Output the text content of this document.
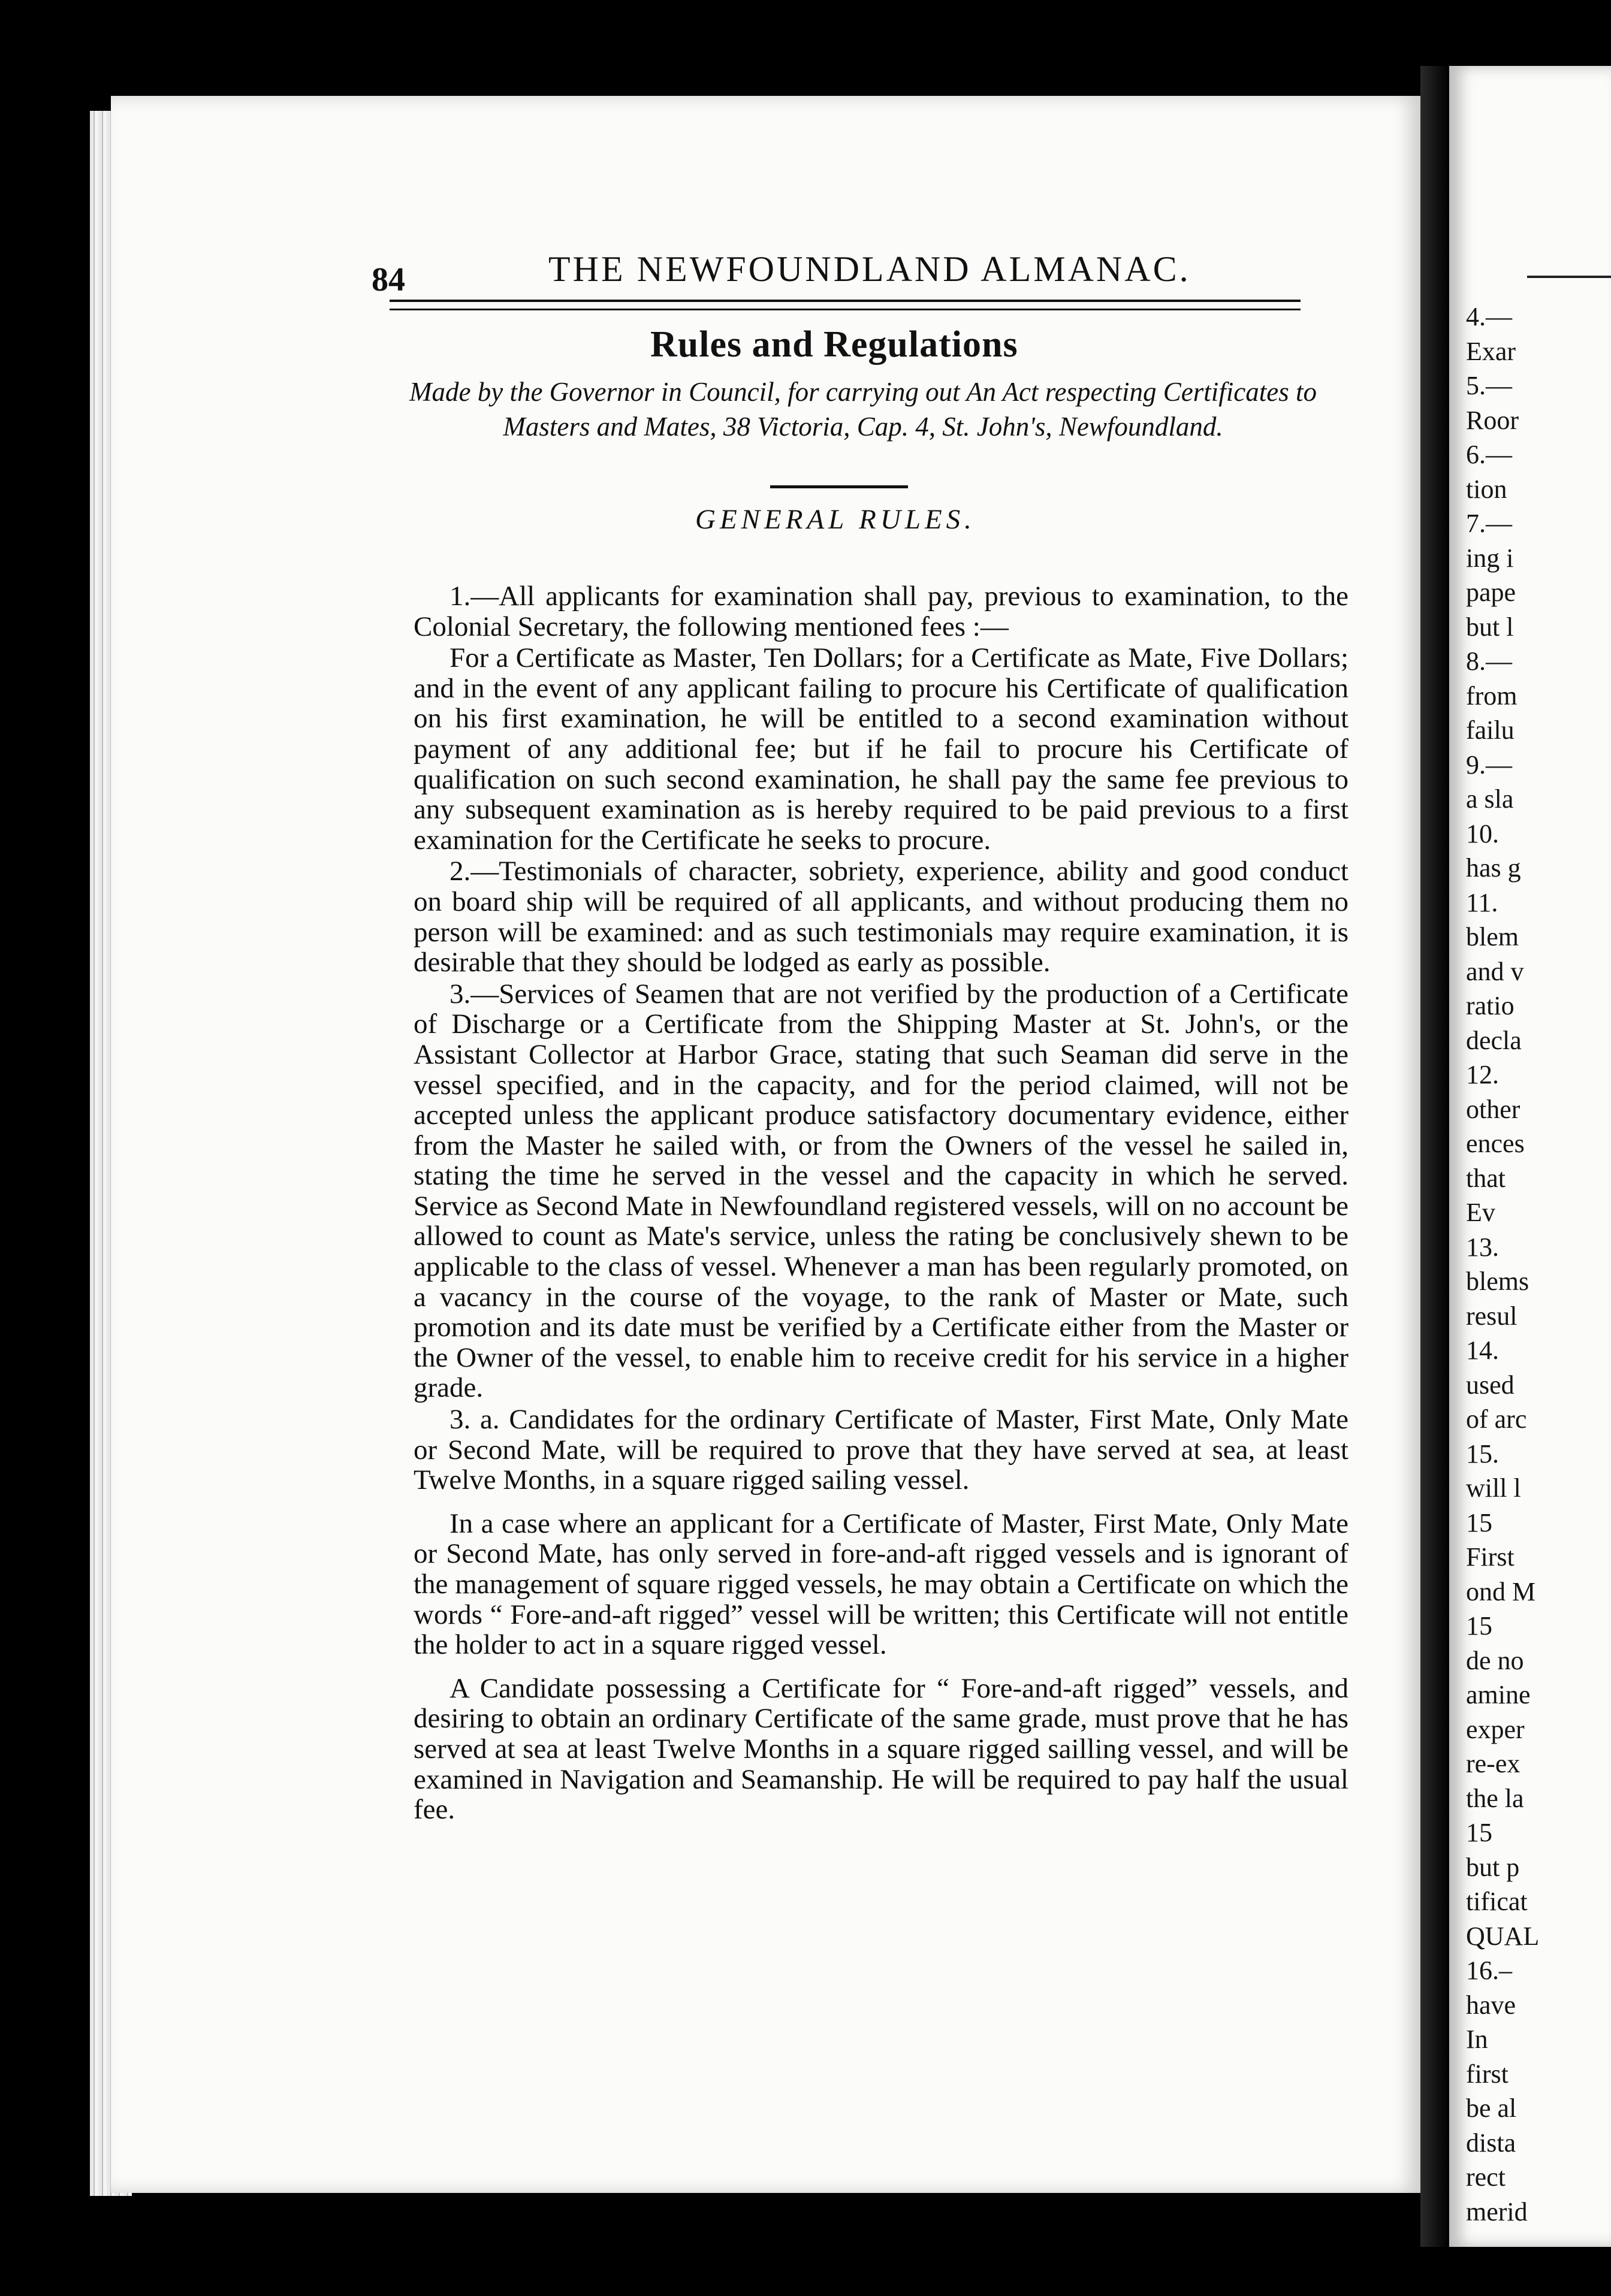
4.—
Exar
5.—
Roor
6.—
tion
7.—
ing i
pape
but l
8.—
from
failu
9.—
a sla
10.
has g
11.
blem
and v
ratio
decla
12.
other
ences
that
Ev
13.
blems
resul
14.
used
of arc
15.
will l
15
First
ond M
15
de no
amine
exper
re-ex
the la
15
but p
tificat
QUAL
16.–
have
In
first
be al
dista
rect
merid
84	THE NEWFOUNDLAND ALMANAC.
Rules and Regulations
Made by the Governor in Council, for carrying out An Act respecting Certificates to Masters and Mates, 38 Victoria, Cap. 4, St. John's, Newfoundland.
GENERAL RULES.

1.—All applicants for examination shall pay, previous to examination, to the Colonial Secretary, the following mentioned fees :—

For a Certificate as Master, Ten Dollars; for a Certificate as Mate, Five Dollars; and in the event of any applicant failing to procure his Certificate of qualification on his first examination, he will be entitled to a second examination without payment of any additional fee; but if he fail to procure his Certificate of qualification on such second examination, he shall pay the same fee previous to any subsequent examination as is hereby required to be paid previous to a first examination for the Certificate he seeks to procure.

2.—Testimonials of character, sobriety, experience, ability and good conduct on board ship will be required of all applicants, and without producing them no person will be examined: and as such testimonials may require examination, it is desirable that they should be lodged as early as possible.

3.—Services of Seamen that are not verified by the production of a Certificate of Discharge or a Certificate from the Shipping Master at St. John's, or the Assistant Collector at Harbor Grace, stating that such Seaman did serve in the vessel specified, and in the capacity, and for the period claimed, will not be accepted unless the applicant produce satisfactory documentary evidence, either from the Master he sailed with, or from the Owners of the vessel he sailed in, stating the time he served in the vessel and the capacity in which he served. Service as Second Mate in Newfoundland registered vessels, will on no account be allowed to count as Mate's service, unless the rating be conclusively shewn to be applicable to the class of vessel. Whenever a man has been regularly promoted, on a vacancy in the course of the voyage, to the rank of Master or Mate, such promotion and its date must be verified by a Certificate either from the Master or the Owner of the vessel, to enable him to receive credit for his service in a higher grade.

3. a. Candidates for the ordinary Certificate of Master, First Mate, Only Mate or Second Mate, will be required to prove that they have served at sea, at least Twelve Months, in a square rigged sailing vessel.

In a case where an applicant for a Certificate of Master, First Mate, Only Mate or Second Mate, has only served in fore-and-aft rigged vessels and is ignorant of the management of square rigged vessels, he may obtain a Certificate on which the words “ Fore-and-aft rigged” vessel will be written; this Certificate will not entitle the holder to act in a square rigged vessel.

A Candidate possessing a Certificate for “ Fore-and-aft rigged” vessels, and desiring to obtain an ordinary Certificate of the same grade, must prove that he has served at sea at least Twelve Months in a square rigged sailling vessel, and will be examined in Navigation and Seamanship. He will be required to pay half the usual fee.
